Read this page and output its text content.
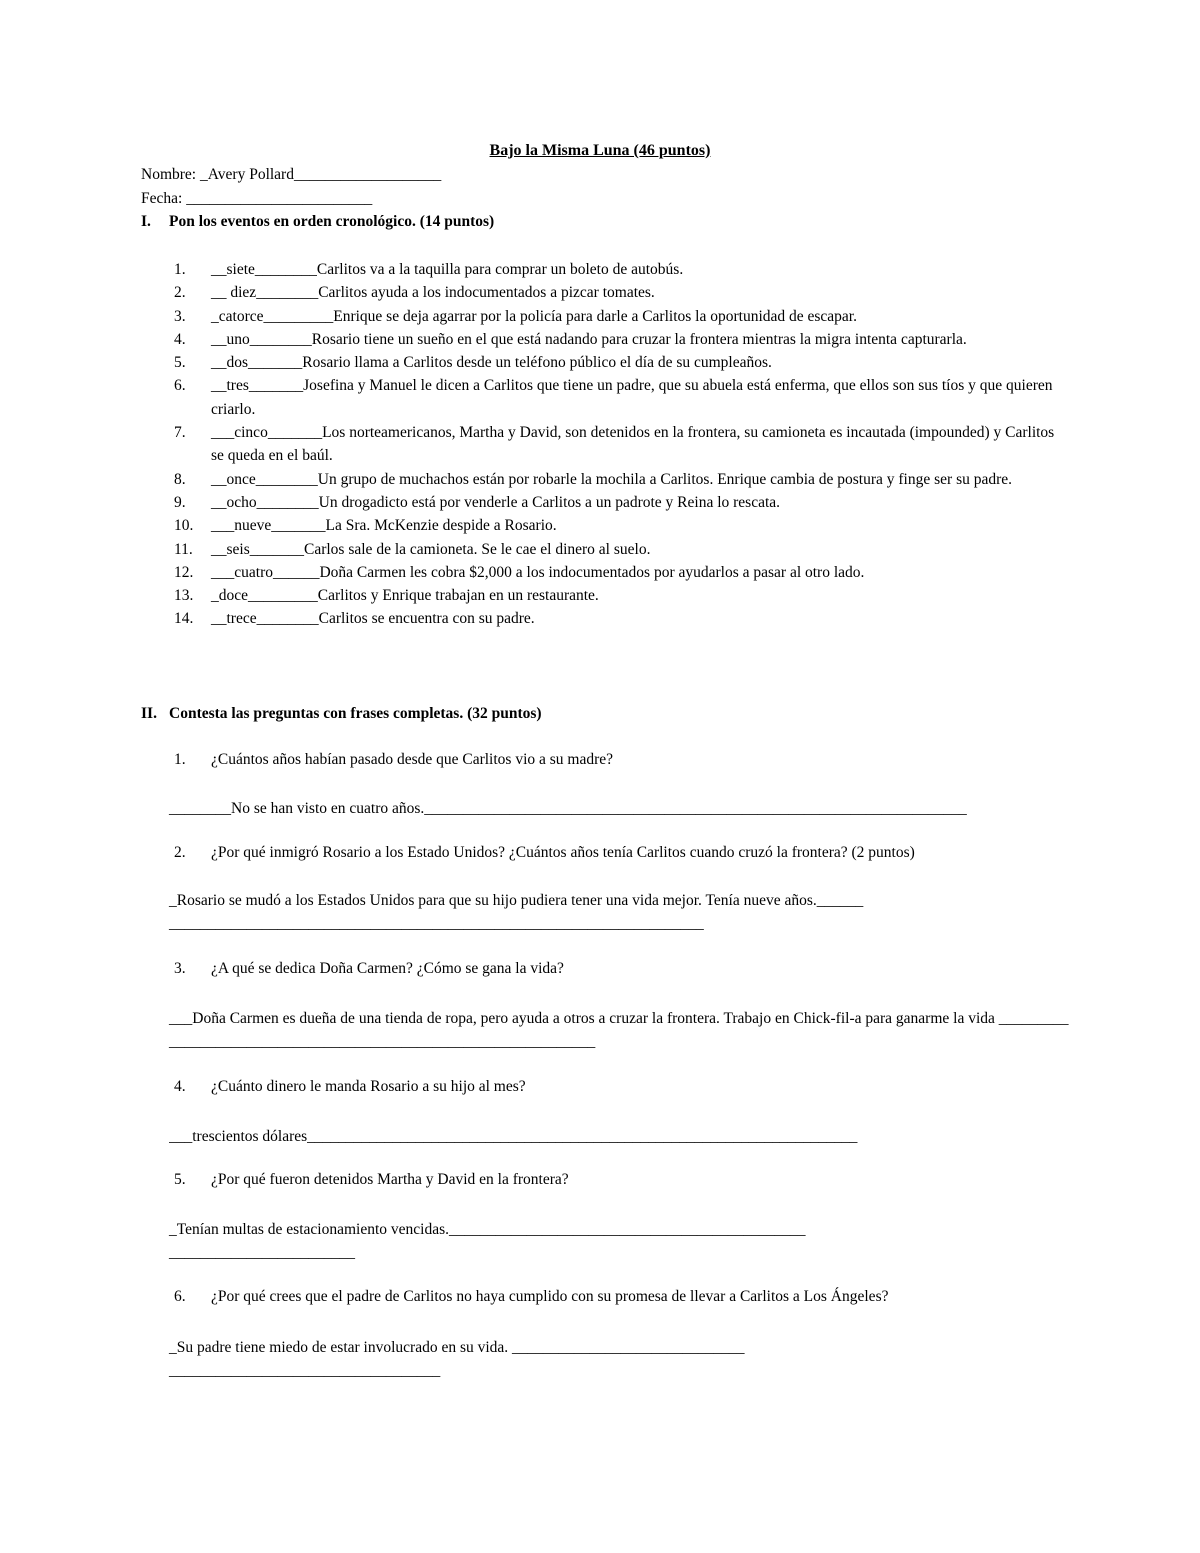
Bajo la Misma Luna (46 puntos)
Nombre: _Avery Pollard___________________
Fecha: ________________________
I. Pon los eventos en orden cronológico. (14 puntos)
1.	__siete________Carlitos va a la taquilla para comprar un boleto de autobús.
2.	__ diez________Carlitos ayuda a los indocumentados a pizcar tomates.
3.	_catorce_________Enrique se deja agarrar por la policía para darle a Carlitos la oportunidad de escapar.
4.	__uno________Rosario tiene un sueño en el que está nadando para cruzar la frontera mientras la migra intenta capturarla.
5.	__dos_______Rosario llama a Carlitos desde un teléfono público el día de su cumpleaños.
6.	__tres_______Josefina y Manuel le dicen a Carlitos que tiene un padre, que su abuela está enferma, que ellos son sus tíos y que quieren criarlo.
7.	___cinco_______Los norteamericanos, Martha y David, son detenidos en la frontera, su camioneta es incautada (impounded) y Carlitos se queda en el baúl.
8.	__once________Un grupo de muchachos están por robarle la mochila a Carlitos. Enrique cambia de postura y finge ser su padre.
9.	__ocho________Un drogadicto está por venderle a Carlitos a un padrote y Reina lo rescata.
10.	___nueve_______La Sra. McKenzie despide a Rosario.
11.	__seis_______Carlos sale de la camioneta. Se le cae el dinero al suelo.
12.	___cuatro______Doña Carmen les cobra $2,000 a los indocumentados por ayudarlos a pasar al otro lado.
13.	_doce_________Carlitos y Enrique trabajan en un restaurante.
14.	__trece________Carlitos se encuentra con su padre.
II. Contesta las preguntas con frases completas. (32 puntos)
1. ¿Cuántos años habían pasado desde que Carlitos vio a su madre?
________No se han visto en cuatro años.______________________________________________________________________
2. ¿Por qué inmigró Rosario a los Estado Unidos? ¿Cuántos años tenía Carlitos cuando cruzó la frontera? (2 puntos)
_Rosario se mudó a los Estados Unidos para que su hijo pudiera tener una vida mejor. Tenía nueve años.___________________________________________________________________________
3. ¿A qué se dedica Doña Carmen? ¿Cómo se gana la vida?
___Doña Carmen es dueña de una tienda de ropa, pero ayuda a otros a cruzar la frontera. Trabajo en Chick-fil-a para ganarme la vida ________________________________________________________________
4. ¿Cuánto dinero le manda Rosario a su hijo al mes?
___trescientos dólares_______________________________________________________________________
5. ¿Por qué fueron detenidos Martha y David en la frontera?
_Tenían multas de estacionamiento vencidas.______________________________________________________________________
6. ¿Por qué crees que el padre de Carlitos no haya cumplido con su promesa de llevar a Carlitos a Los Ángeles?
_Su padre tiene miedo de estar involucrado en su vida. _________________________________________________________________
